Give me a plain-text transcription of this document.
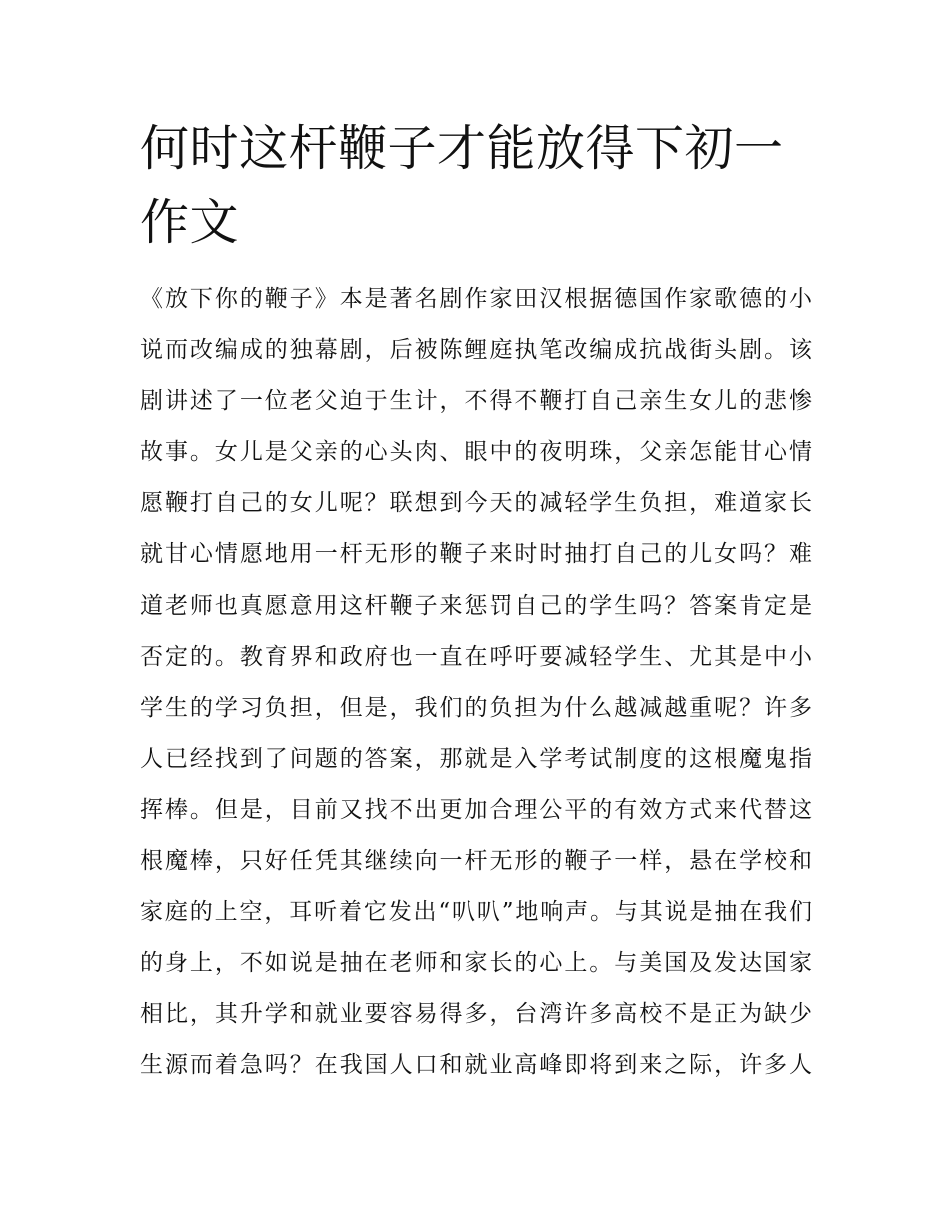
何时这杆鞭子才能放得下初一
作文
《放下你的鞭子》本是著名剧作家田汉根据德国作家歌德的小
说而改编成的独幕剧，后被陈鲤庭执笔改编成抗战街头剧。该
剧讲述了一位老父迫于生计，不得不鞭打自己亲生女儿的悲惨
故事。女儿是父亲的心头肉、眼中的夜明珠，父亲怎能甘心情
愿鞭打自己的女儿呢？联想到今天的减轻学生负担，难道家长
就甘心情愿地用一杆无形的鞭子来时时抽打自己的儿女吗？难
道老师也真愿意用这杆鞭子来惩罚自己的学生吗？答案肯定是
否定的。教育界和政府也一直在呼吁要减轻学生、尤其是中小
学生的学习负担，但是，我们的负担为什么越减越重呢？许多
人已经找到了问题的答案，那就是入学考试制度的这根魔鬼指
挥棒。但是，目前又找不出更加合理公平的有效方式来代替这
根魔棒，只好任凭其继续向一杆无形的鞭子一样，悬在学校和
家庭的上空，耳听着它发出“叭叭”地响声。与其说是抽在我们
的身上，不如说是抽在老师和家长的心上。与美国及发达国家
相比，其升学和就业要容易得多，台湾许多高校不是正为缺少
生源而着急吗？在我国人口和就业高峰即将到来之际，许多人
